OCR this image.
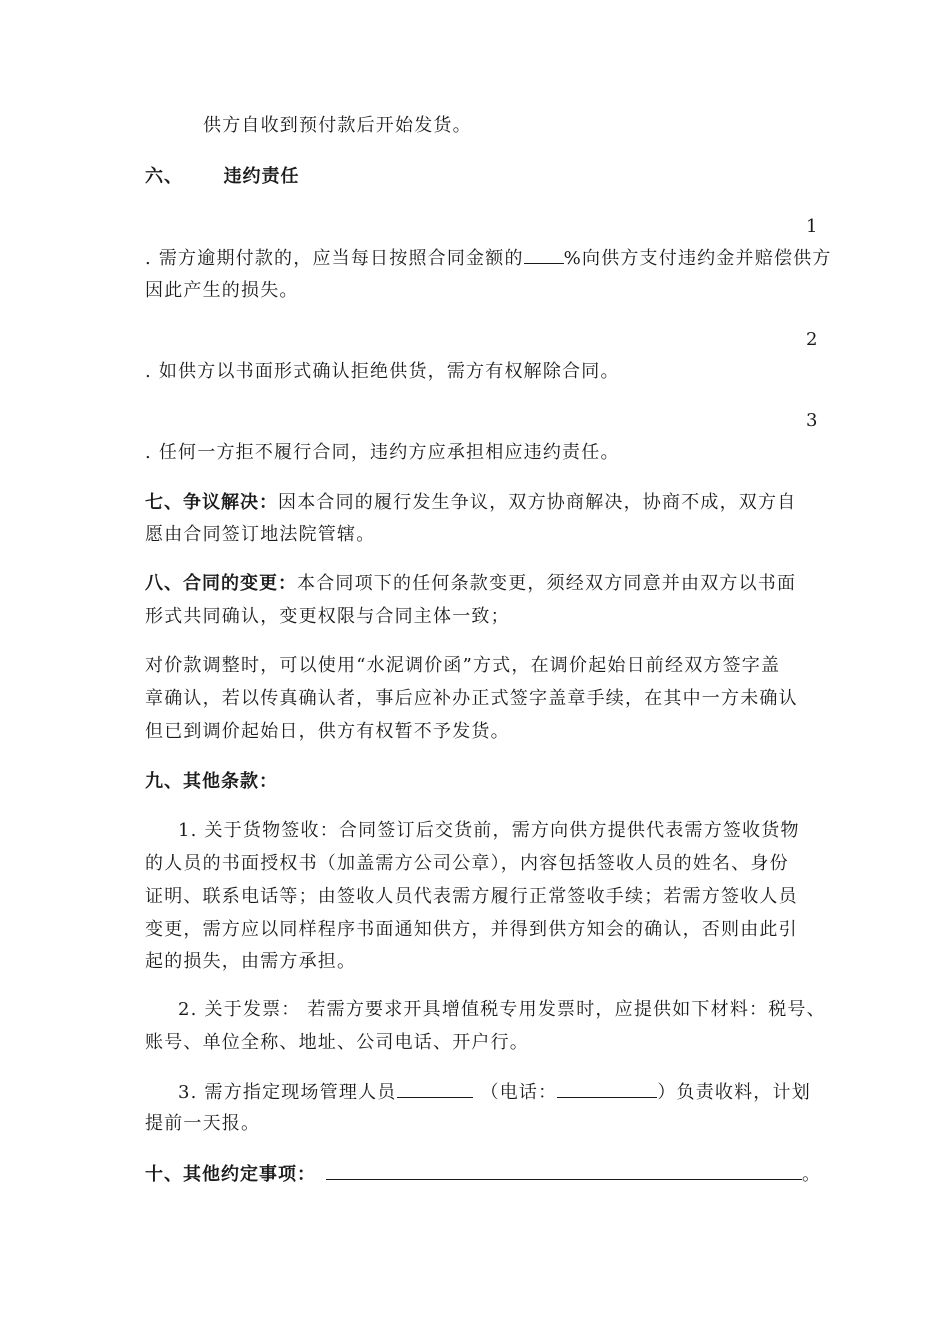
供方自收到预付款后开始发货。
六、 违约责任
1
. 需方逾期付款的，应当每日按照合同金额的 %向供方支付违约金并赔偿供方
因此产生的损失。
2
. 如供方以书面形式确认拒绝供货，需方有权解除合同。
3
. 任何一方拒不履行合同，违约方应承担相应违约责任。
七、争议解决：因本合同的履行发生争议，双方协商解决，协商不成，双方自
愿由合同签订地法院管辖。
八、合同的变更：本合同项下的任何条款变更，须经双方同意并由双方以书面
形式共同确认，变更权限与合同主体一致；
对价款调整时，可以使用“水泥调价函”方式，在调价起始日前经双方签字盖
章确认，若以传真确认者，事后应补办正式签字盖章手续，在其中一方未确认
但已到调价起始日，供方有权暂不予发货。
九、其他条款：
1. 关于货物签收：合同签订后交货前，需方向供方提供代表需方签收货物
的人员的书面授权书（加盖需方公司公章），内容包括签收人员的姓名、身份
证明、联系电话等；由签收人员代表需方履行正常签收手续；若需方签收人员
变更，需方应以同样程序书面通知供方，并得到供方知会的确认，否则由此引
起的损失，由需方承担。
2. 关于发票： 若需方要求开具增值税专用发票时，应提供如下材料：税号、
账号、单位全称、地址、公司电话、开户行。
3. 需方指定现场管理人员	（电话：	）负责收料，计划
提前一天报。
十、其他约定事项：	。
